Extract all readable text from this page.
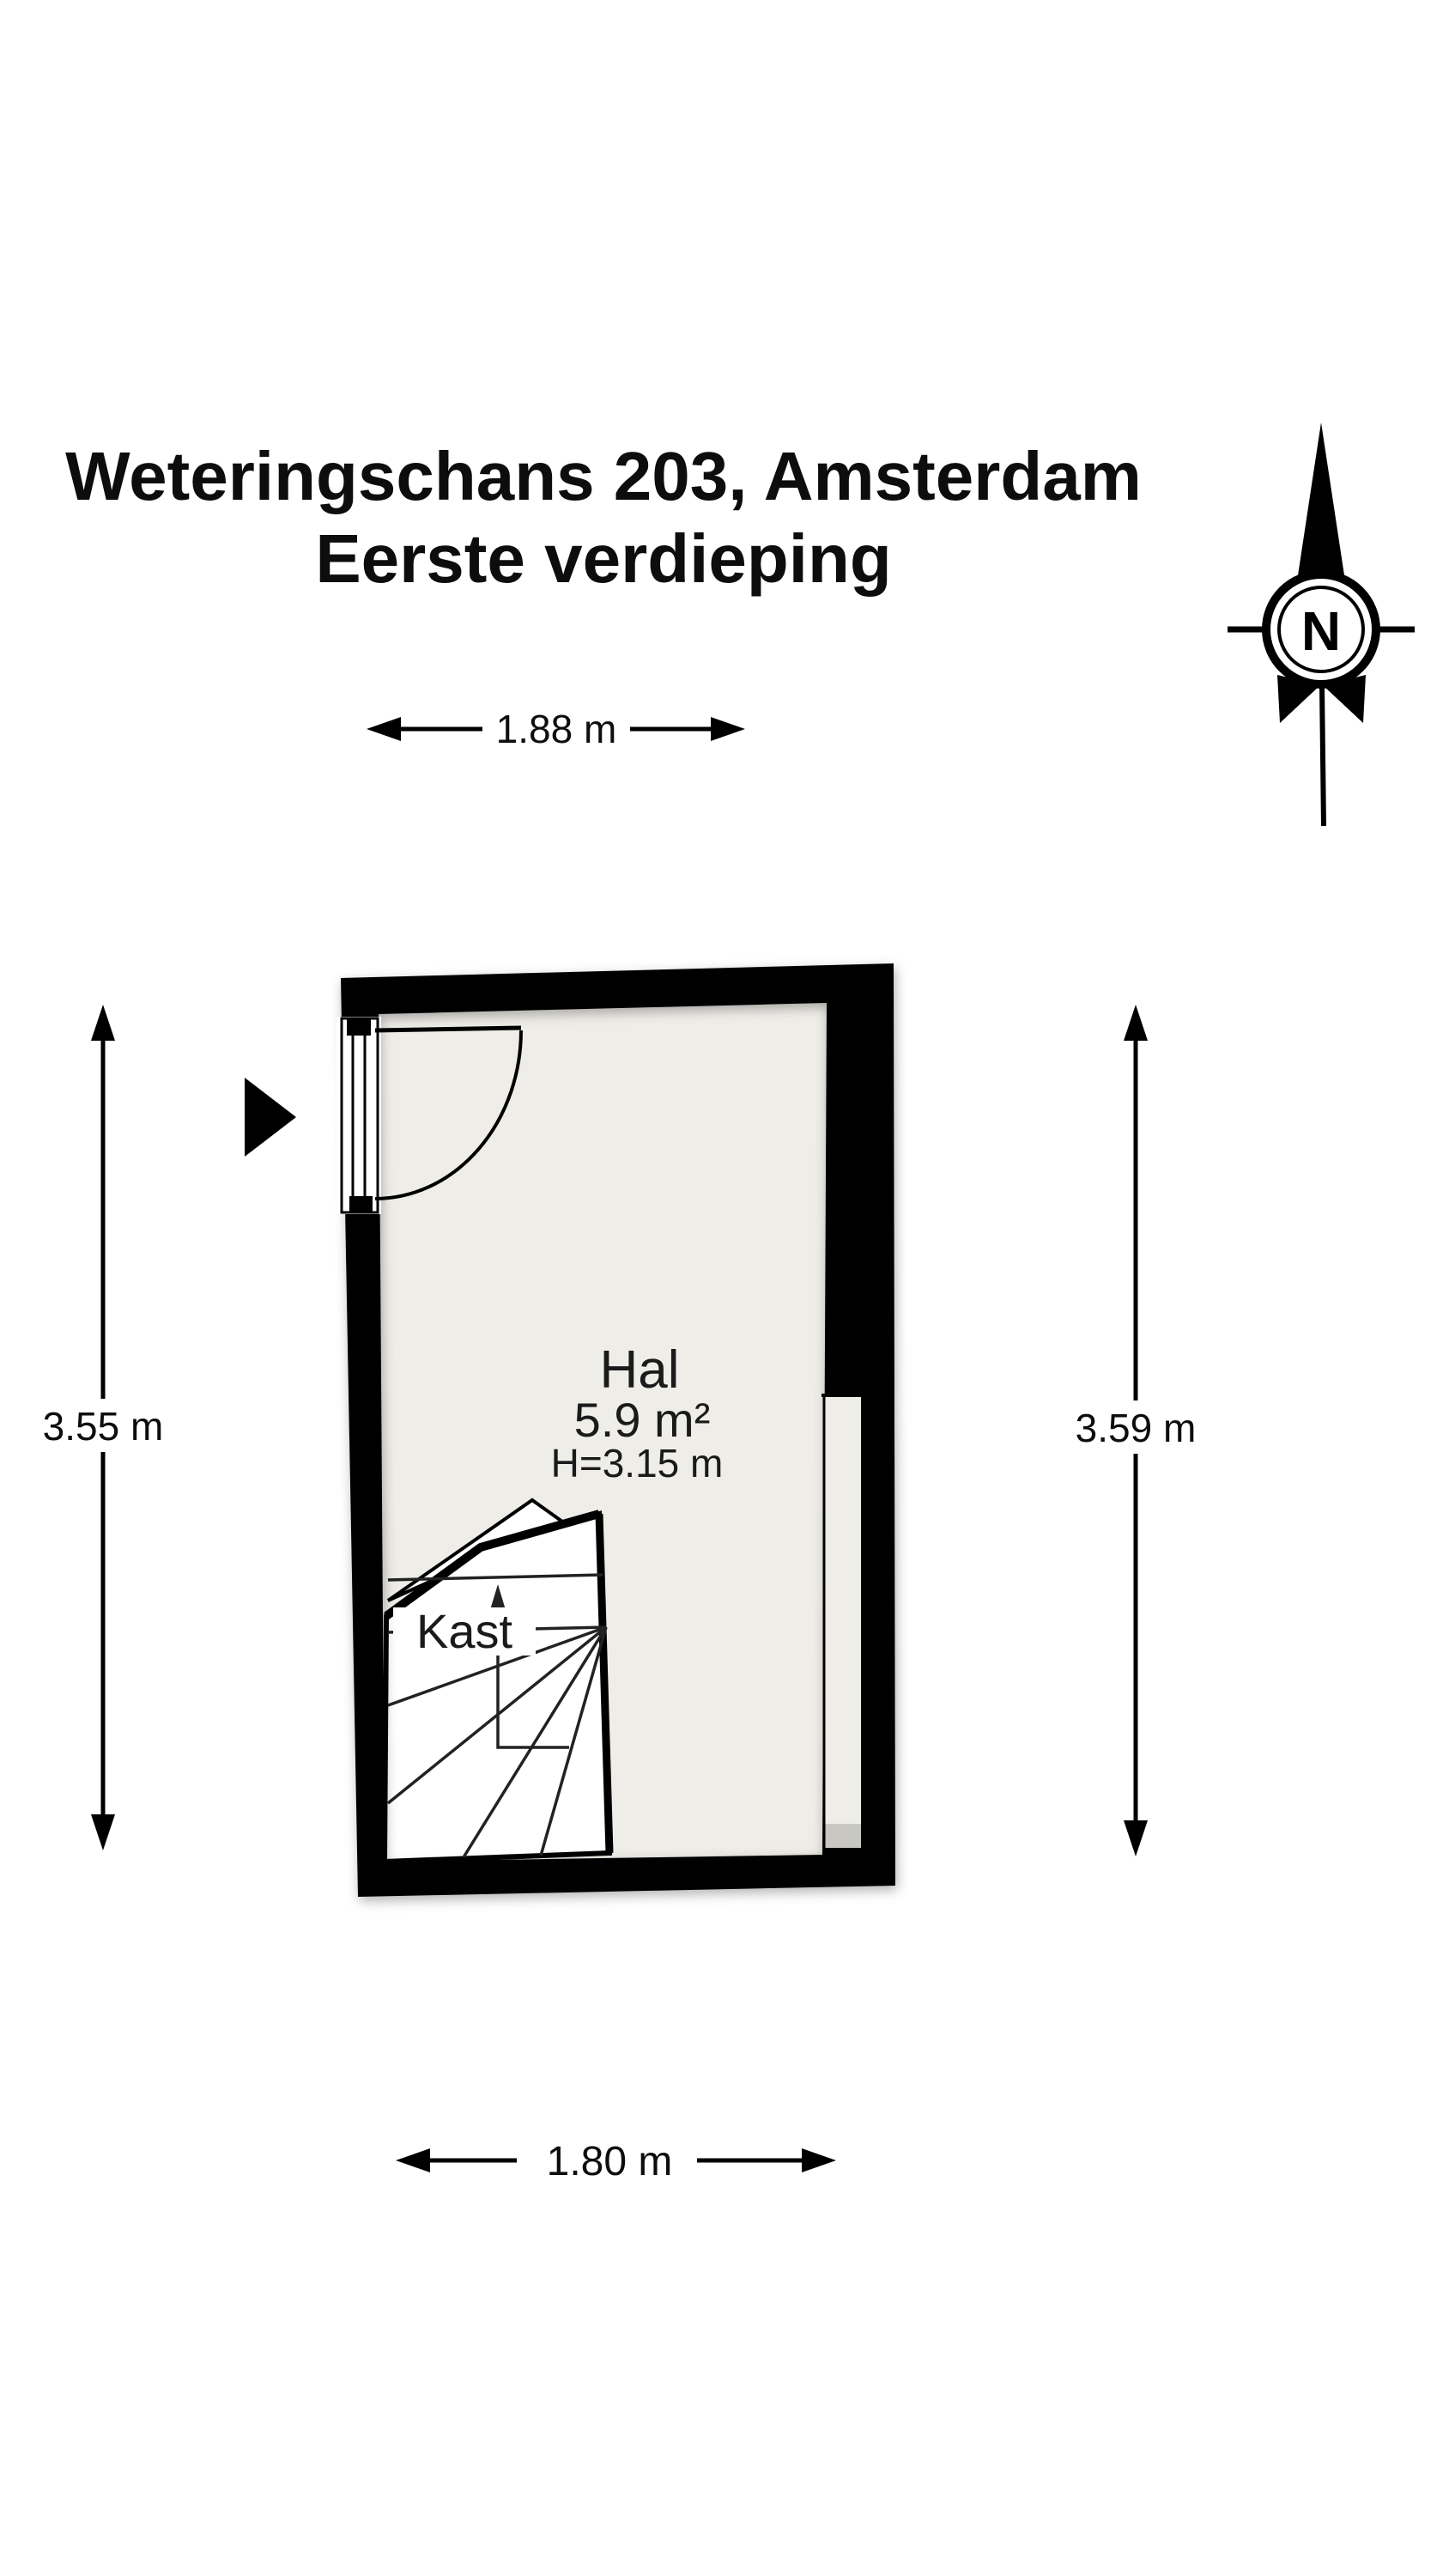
Weteringschans 203, Amsterdam
Eerste verdieping
N
Kast
Hal
5.9 m²
H=3.15 m
1.88 m
3.55 m	3.59 m
1.80 m
